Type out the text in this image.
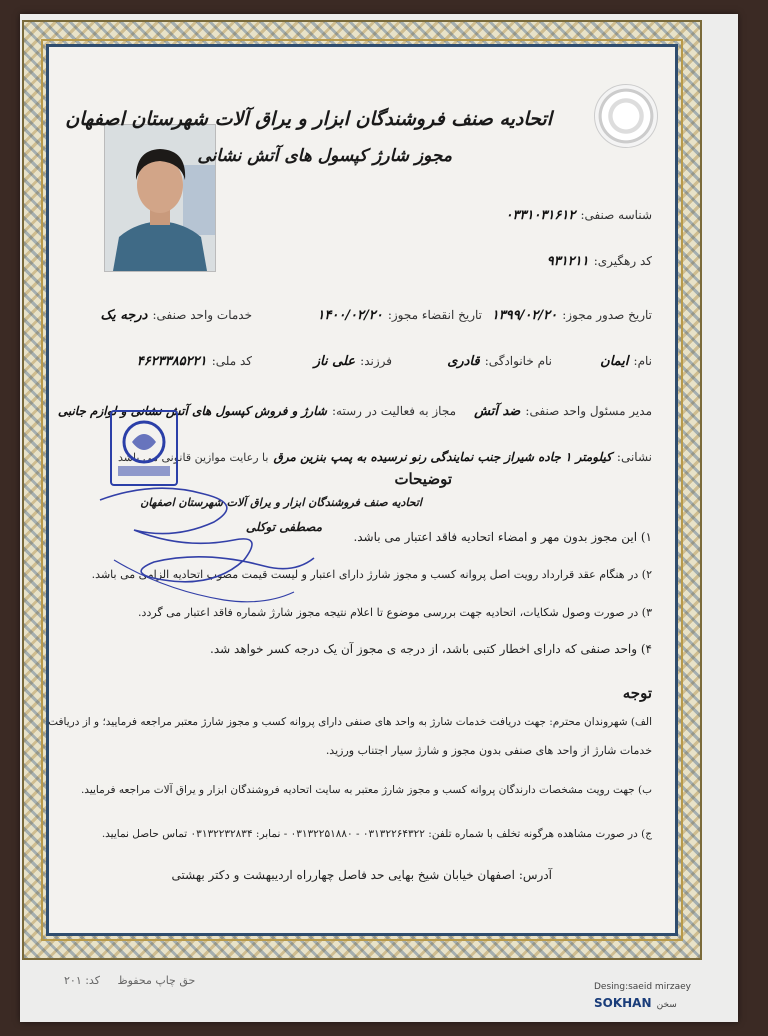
اتحادیه صنف فروشندگان ابزار و یراق آلات شهرستان اصفهان
مجوز شارژ کپسول های آتش نشانی
شناسه صنفی: ۰۳۳۱۰۳۱۶۱۲
کد رهگیری: ۹۳۱۲۱۱
تاریخ صدور مجوز: ۱۳۹۹/۰۲/۲۰
تاریخ انقضاء مجوز: ۱۴۰۰/۰۲/۲۰
خدمات واحد صنفی: درجه یک
نام: ایمان
نام خانوادگی: قادری
فرزند: علی ناز
کد ملی: ۴۶۲۳۳۸۵۲۲۱
مدیر مسئول واحد صنفی: ضد آتش
مجاز به فعالیت در رسته: شارژ و فروش کپسول های آتش نشانی و لوازم جانبی
نشانی: کیلومتر ۱ جاده شیراز جنب نمایندگی رنو نرسیده به پمپ بنزین مرق با رعایت موازین قانونی می باشد
توضیحات
اتحادیه صنف فروشندگان ابزار و یراق آلات شهرستان اصفهان
مصطفی توکلی
۱) این مجوز بدون مهر و امضاء اتحادیه فاقد اعتبار می باشد.
۲) در هنگام عقد قرارداد رویت اصل پروانه کسب و مجوز شارژ دارای اعتبار و لیست قیمت مصوب اتحادیه الزامی می باشد.
۳) در صورت وصول شکایات، اتحادیه جهت بررسی موضوع تا اعلام نتیجه مجوز شارژ شماره فاقد اعتبار می گردد.
۴) واحد صنفی که دارای اخطار کتبی باشد، از درجه ی مجوز آن یک درجه کسر خواهد شد.
توجه
الف) شهروندان محترم: جهت دریافت خدمات شارژ به واحد های صنفی دارای پروانه کسب و مجوز شارژ معتبر مراجعه فرمایید؛ و از دریافت
خدمات شارژ از واحد های صنفی بدون مجوز و شارژ سیار اجتناب ورزید.
ب) جهت رویت مشخصات دارندگان پروانه کسب و مجوز شارژ معتبر به سایت اتحادیه فروشندگان ابزار و یراق آلات مراجعه فرمایید.
ج) در صورت مشاهده هرگونه تخلف با شماره تلفن: ۰۳۱۳۲۲۶۴۳۲۲ - ۰۳۱۳۲۲۵۱۸۸۰ - نمابر: ۰۳۱۳۲۲۳۲۸۳۴ تماس حاصل نمایید.
آدرس: اصفهان خیابان شیخ بهایی حد فاصل چهارراه اردیبهشت و دکتر بهشتی
حق چاپ محفوظ     کد: ۲۰۱	Desing:saeid mirzaey
SOKHAN سخن
